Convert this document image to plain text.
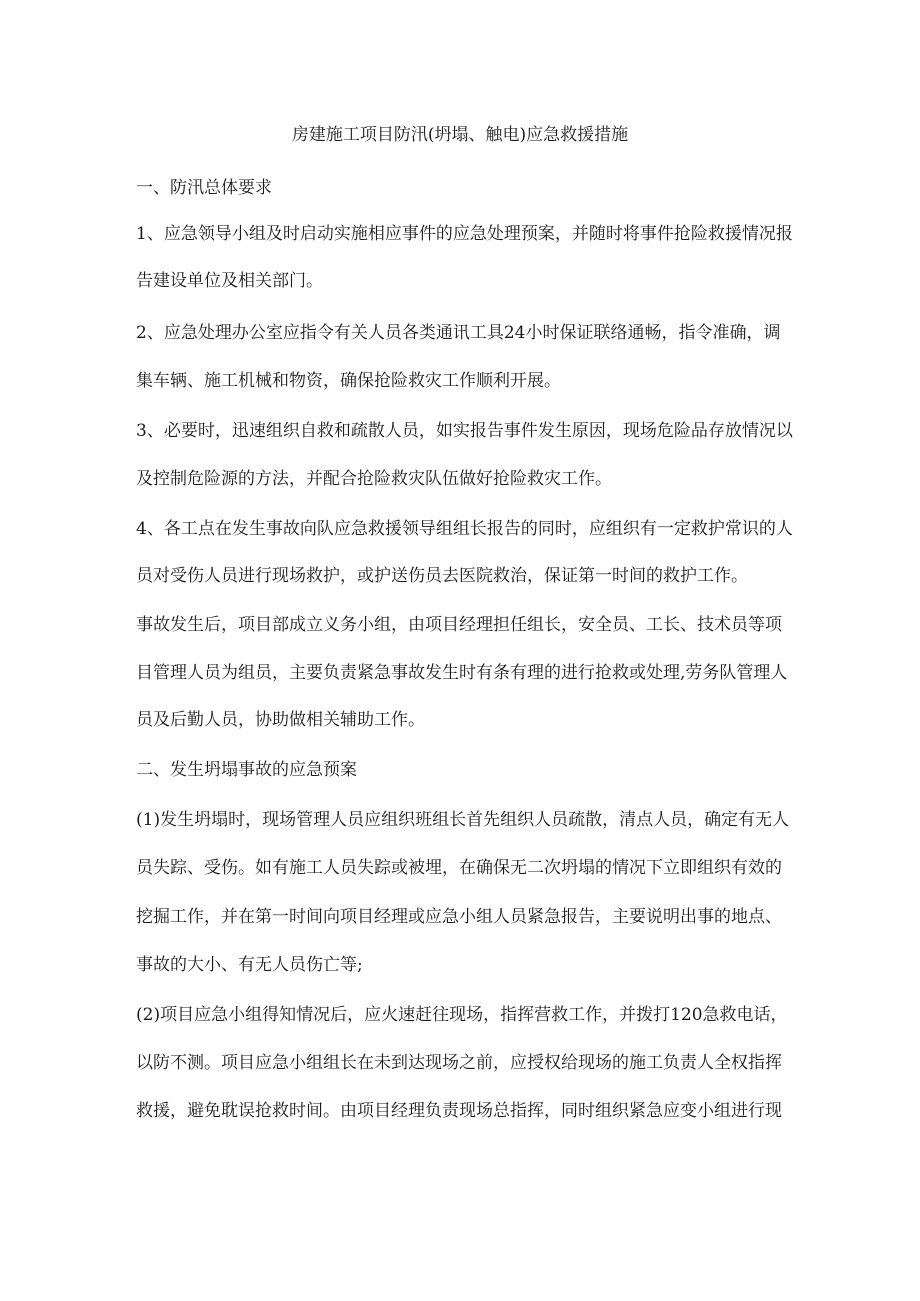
房建施工项目防汛(坍塌、触电)应急救援措施

一、防汛总体要求

1、应急领导小组及时启动实施相应事件的应急处理预案，并随时将事件抢险救援情况报

告建设单位及相关部门。

2、应急处理办公室应指令有关人员各类通讯工具24小时保证联络通畅，指令准确，调

集车辆、施工机械和物资，确保抢险救灾工作顺利开展。

3、必要时，迅速组织自救和疏散人员，如实报告事件发生原因，现场危险品存放情况以

及控制危险源的方法，并配合抢险救灾队伍做好抢险救灾工作。

4、各工点在发生事故向队应急救援领导组组长报告的同时，应组织有一定救护常识的人

员对受伤人员进行现场救护，或护送伤员去医院救治，保证第一时间的救护工作。

事故发生后，项目部成立义务小组，由项目经理担任组长，安全员、工长、技术员等项

目管理人员为组员，主要负责紧急事故发生时有条有理的进行抢救或处理,劳务队管理人

员及后勤人员，协助做相关辅助工作。

二、发生坍塌事故的应急预案

(1)发生坍塌时，现场管理人员应组织班组长首先组织人员疏散，清点人员，确定有无人

员失踪、受伤。如有施工人员失踪或被埋，在确保无二次坍塌的情况下立即组织有效的

挖掘工作，并在第一时间向项目经理或应急小组人员紧急报告，主要说明出事的地点、

事故的大小、有无人员伤亡等;

(2)项目应急小组得知情况后，应火速赶往现场，指挥营救工作，并拨打120急救电话，

以防不测。项目应急小组组长在未到达现场之前，应授权给现场的施工负责人全权指挥

救援，避免耽误抢救时间。由项目经理负责现场总指挥，同时组织紧急应变小组进行现
